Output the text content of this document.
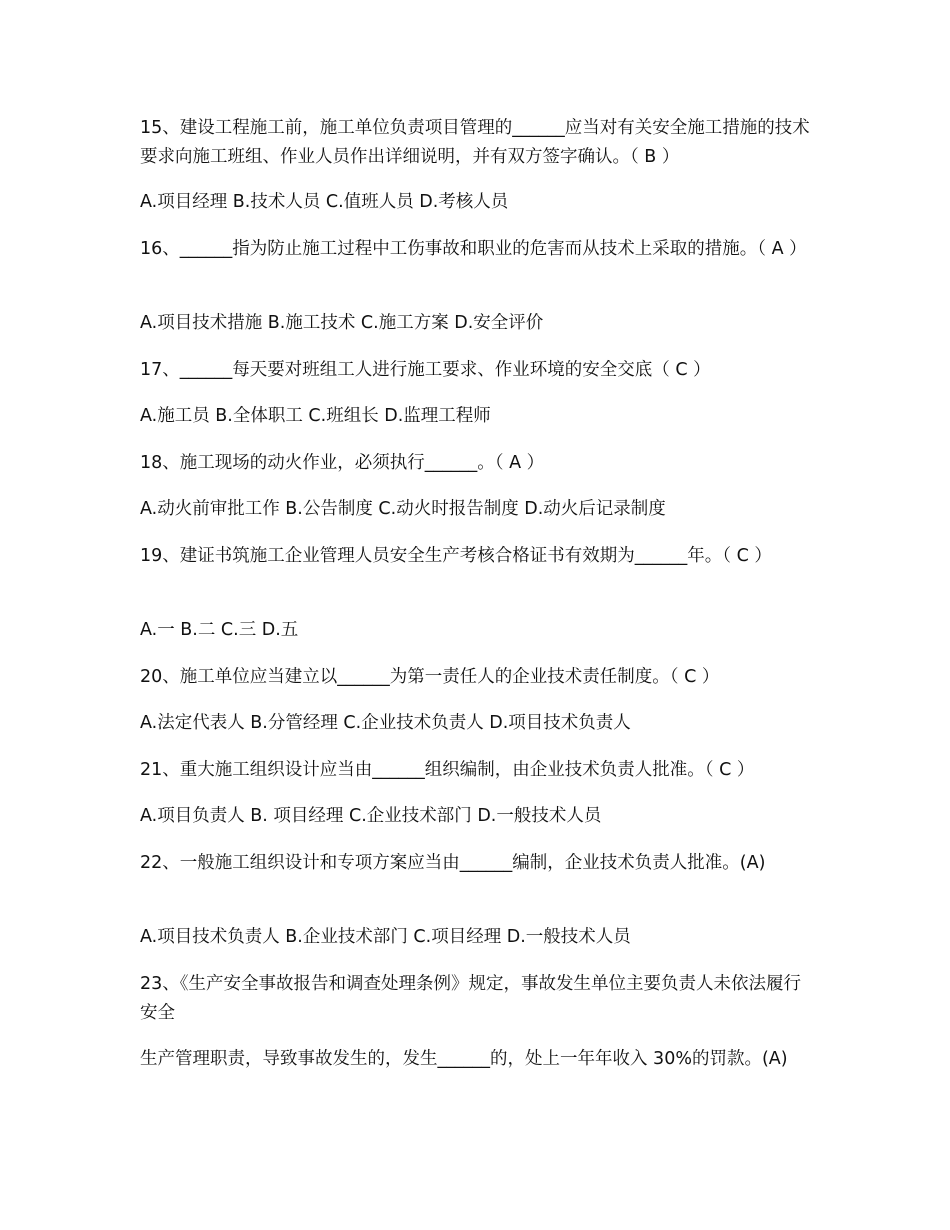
15、建设工程施工前，施工单位负责项目管理的______应当对有关安全施工措施的技术要求向施工班组、作业人员作出详细说明，并有双方签字确认。（ B ）

A.项目经理 B.技术人员 C.值班人员 D.考核人员

16、______指为防止施工过程中工伤事故和职业的危害而从技术上采取的措施。（ A ）

A.项目技术措施 B.施工技术 C.施工方案 D.安全评价

17、______每天要对班组工人进行施工要求、作业环境的安全交底（ C ）

A.施工员 B.全体职工 C.班组长 D.监理工程师

18、施工现场的动火作业，必须执行______。（ A ）

A.动火前审批工作 B.公告制度 C.动火时报告制度 D.动火后记录制度

19、建证书筑施工企业管理人员安全生产考核合格证书有效期为______年。（ C ）

A.一 B.二 C.三 D.五

20、施工单位应当建立以______为第一责任人的企业技术责任制度。（ C ）

A.法定代表人 B.分管经理 C.企业技术负责人 D.项目技术负责人

21、重大施工组织设计应当由______组织编制，由企业技术负责人批准。（ C ）

A.项目负责人 B. 项目经理 C.企业技术部门 D.一般技术人员

22、一般施工组织设计和专项方案应当由______编制，企业技术负责人批准。(A)

A.项目技术负责人 B.企业技术部门 C.项目经理 D.一般技术人员

23、《生产安全事故报告和调查处理条例》规定，事故发生单位主要负责人未依法履行安全

生产管理职责，导致事故发生的，发生______的，处上一年年收入 30%的罚款。(A)
